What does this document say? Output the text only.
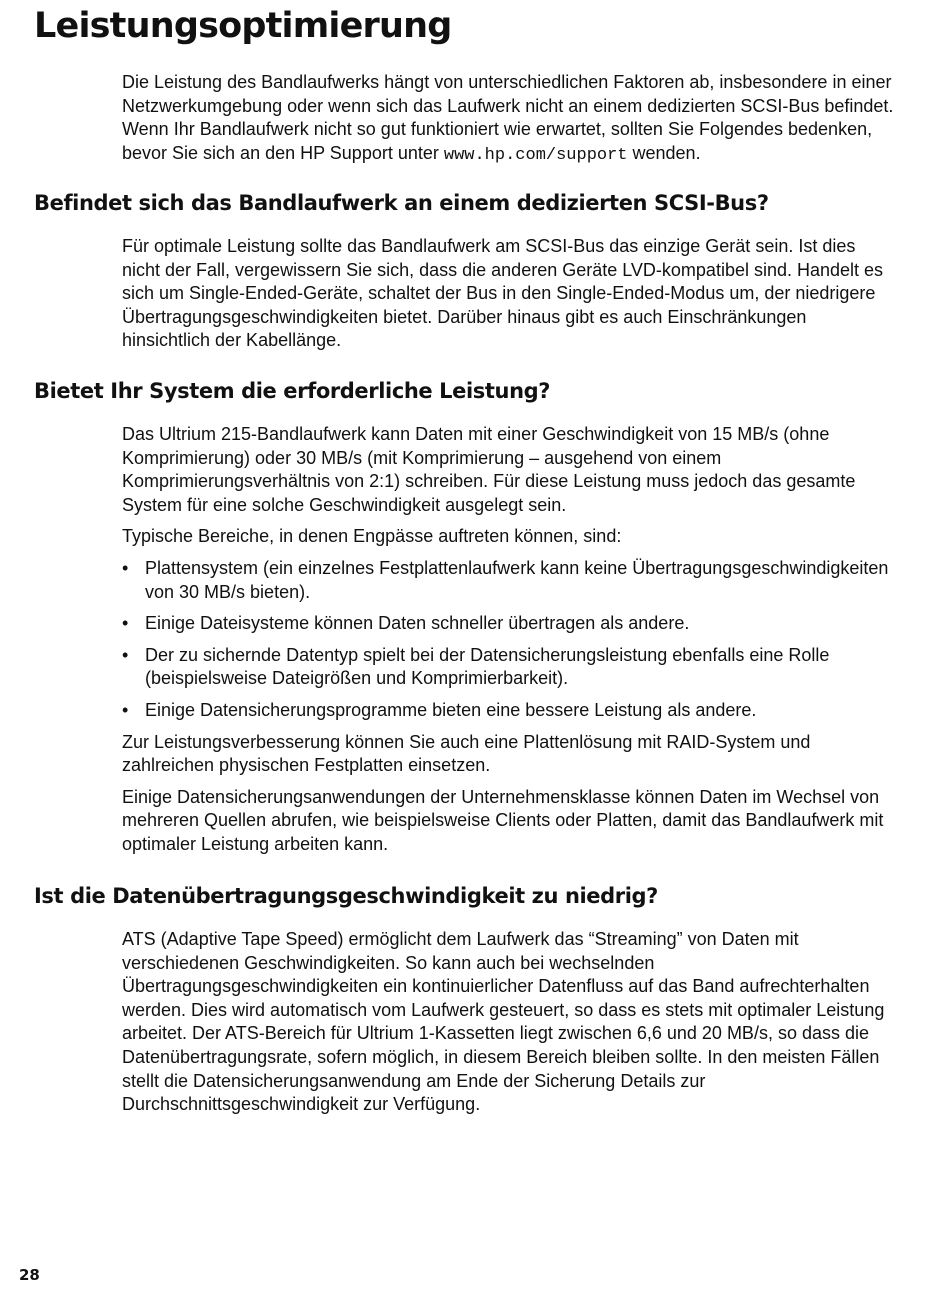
Leistungsoptimierung

Die Leistung des Bandlaufwerks hängt von unterschiedlichen Faktoren ab, insbesondere in einer Netzwerkumgebung oder wenn sich das Laufwerk nicht an einem dedizierten SCSI-Bus befindet. Wenn Ihr Bandlaufwerk nicht so gut funktioniert wie erwartet, sollten Sie Folgendes bedenken, bevor Sie sich an den HP Support unter www.hp.com/support wenden.

Befindet sich das Bandlaufwerk an einem dedizierten SCSI-Bus?

Für optimale Leistung sollte das Bandlaufwerk am SCSI-Bus das einzige Gerät sein. Ist dies nicht der Fall, vergewissern Sie sich, dass die anderen Geräte LVD-kompatibel sind. Handelt es sich um Single-Ended-Geräte, schaltet der Bus in den Single-Ended-Modus um, der niedrigere Übertragungsgeschwindigkeiten bietet. Darüber hinaus gibt es auch Einschränkungen hinsichtlich der Kabellänge.

Bietet Ihr System die erforderliche Leistung?

Das Ultrium 215-Bandlaufwerk kann Daten mit einer Geschwindigkeit von 15 MB/s (ohne Komprimierung) oder 30 MB/s (mit Komprimierung – ausgehend von einem Komprimierungsverhältnis von 2:1) schreiben. Für diese Leistung muss jedoch das gesamte System für eine solche Geschwindigkeit ausgelegt sein.

Typische Bereiche, in denen Engpässe auftreten können, sind:

• Plattensystem (ein einzelnes Festplattenlaufwerk kann keine Übertragungsgeschwindigkeiten von 30 MB/s bieten).
• Einige Dateisysteme können Daten schneller übertragen als andere.
• Der zu sichernde Datentyp spielt bei der Datensicherungsleistung ebenfalls eine Rolle (beispielsweise Dateigrößen und Komprimierbarkeit).
• Einige Datensicherungsprogramme bieten eine bessere Leistung als andere.

Zur Leistungsverbesserung können Sie auch eine Plattenlösung mit RAID-System und zahlreichen physischen Festplatten einsetzen.

Einige Datensicherungsanwendungen der Unternehmensklasse können Daten im Wechsel von mehreren Quellen abrufen, wie beispielsweise Clients oder Platten, damit das Bandlaufwerk mit optimaler Leistung arbeiten kann.

Ist die Datenübertragungsgeschwindigkeit zu niedrig?

ATS (Adaptive Tape Speed) ermöglicht dem Laufwerk das “Streaming” von Daten mit verschiedenen Geschwindigkeiten. So kann auch bei wechselnden Übertragungsgeschwindigkeiten ein kontinuierlicher Datenfluss auf das Band aufrechterhalten werden. Dies wird automatisch vom Laufwerk gesteuert, so dass es stets mit optimaler Leistung arbeitet. Der ATS-Bereich für Ultrium 1-Kassetten liegt zwischen 6,6 und 20 MB/s, so dass die Datenübertragungsrate, sofern möglich, in diesem Bereich bleiben sollte. In den meisten Fällen stellt die Datensicherungsanwendung am Ende der Sicherung Details zur Durchschnittsgeschwindigkeit zur Verfügung.

28
